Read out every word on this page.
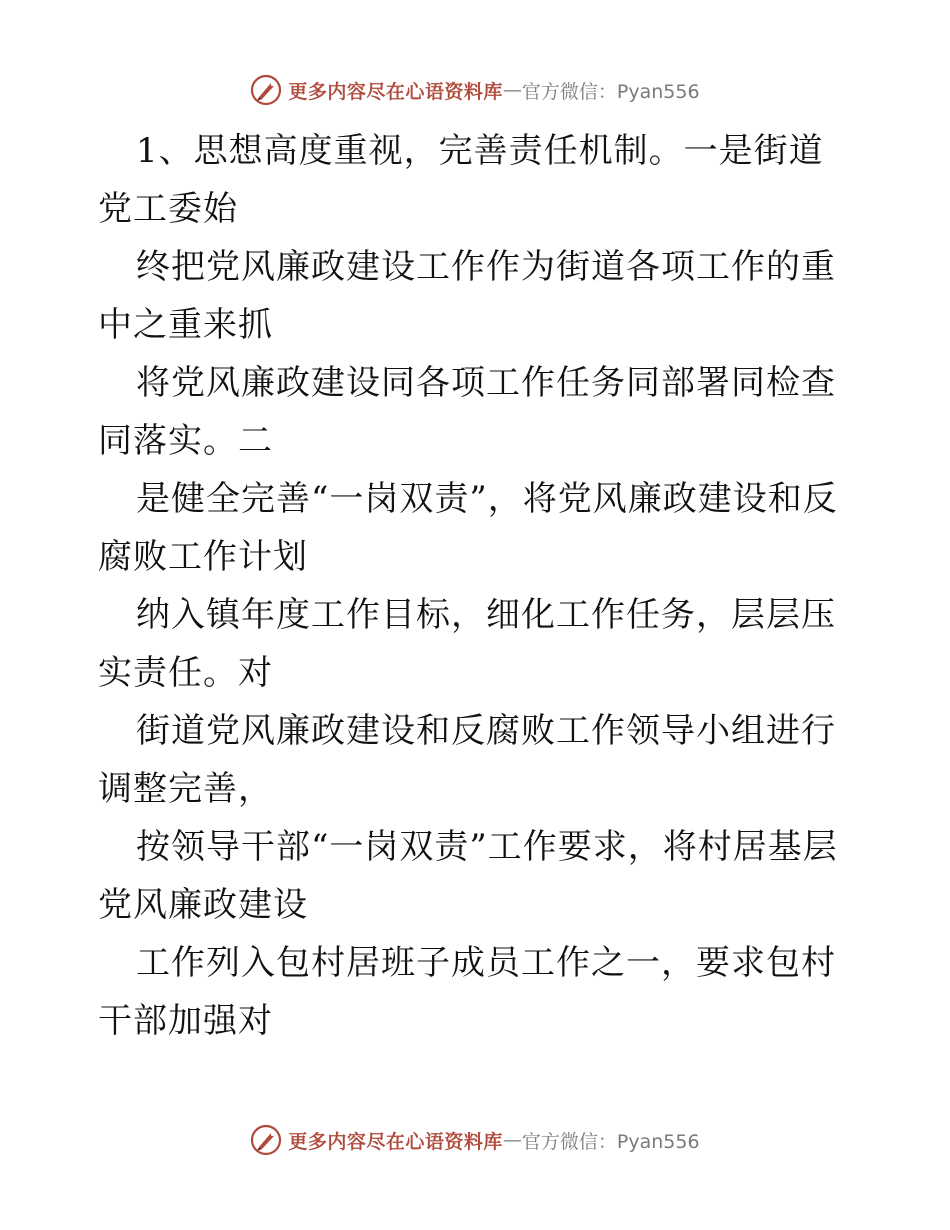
更多内容尽在心语资料库 — 官方微信：Pyan556

1、思想高度重视，完善责任机制。一是街道党工委始

终把党风廉政建设工作作为街道各项工作的重中之重来抓

将党风廉政建设同各项工作任务同部署同检查同落实。二

是健全完善“一岗双责”，将党风廉政建设和反腐败工作计划

纳入镇年度工作目标，细化工作任务，层层压实责任。对

街道党风廉政建设和反腐败工作领导小组进行调整完善，

按领导干部“一岗双责”工作要求，将村居基层党风廉政建设

工作列入包村居班子成员工作之一，要求包村干部加强对

更多内容尽在心语资料库 — 官方微信：Pyan556
